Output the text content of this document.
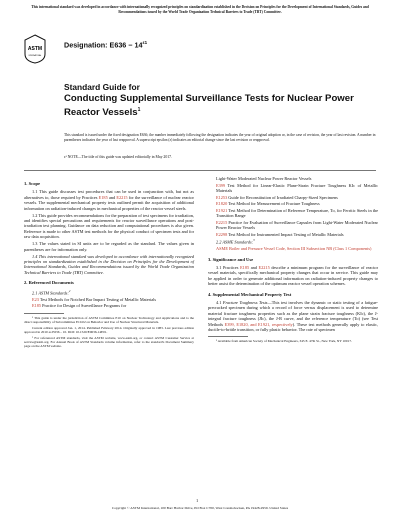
This international standard was developed in accordance with internationally recognized principles on standardization established in the Decision on Principles for the Development of International Standards, Guides and Recommendations issued by the World Trade Organization Technical Barriers to Trade (TBT) Committee.
ASTM
INTERNATIONAL
Designation: $E636 - 14^{\varepsilon 1}$
Standard Guide for
Conducting Supplemental Surveillance Tests for Nuclear Power Reactor Vessels$^1$
This standard is issued under the fixed designation E636; the number immediately following the designation indicates the year of original adoption or, in the case of revision, the year of last revision. A number in parentheses indicates the year of last reapproval. A superscript epsilon (ε) indicates an editorial change since the last revision or reapproval.
ε¹ NOTE—The title of this guide was updated editorially in May 2017.

1. Scope

1.1 This guide discusses test procedures that can be used in conjunction with, but not as alternatives to, those required by Practices E185 and E2215 for the surveillance of nuclear reactor vessels. The supplemental mechanical property tests outlined permit the acquisition of additional information on radiation-induced changes in mechanical properties of the reactor vessel steels.

1.2 This guide provides recommendations for the preparation of test specimens for irradiation, and identifies special precautions and requirements for reactor surveillance operations and post-irradiation test planning. Guidance on data reduction and computational procedures is also given. Reference is made to other ASTM test methods for the physical conduct of specimen tests and for raw data acquisition.

1.3 The values stated in SI units are to be regarded as the standard. The values given in parentheses are for information only.

1.4 This international standard was developed in accordance with internationally recognized principles on standardization established in the Decision on Principles for the Development of International Standards, Guides and Recommendations issued by the World Trade Organization Technical Barriers to Trade (TBT) Committee.

2. Referenced Documents

2.1 ASTM Standards:$^2$

E23 Test Methods for Notched Bar Impact Testing of Metallic Materials

E185 Practice for Design of Surveillance Programs for

¹ This guide is under the jurisdiction of ASTM Committee E10 on Nuclear Technology and Applications and is the direct responsibility of Subcommittee E10.02 on Behavior and Use of Nuclear Structural Materials.

Current edition approved Jan. 1, 2014. Published February 2014. Originally approved in 1983. Last previous edition approved in 2010 as E636 – 10. DOI: 10.1520/E0636-14E01.

² For referenced ASTM standards, visit the ASTM website, www.astm.org, or contact ASTM Customer Service at service@astm.org. For Annual Book of ASTM Standards volume information, refer to the standard's Document Summary page on the ASTM website.

Light-Water Moderated Nuclear Power Reactor Vessels

E399 Test Method for Linear-Elastic Plane-Strain Fracture Toughness KIc of Metallic Materials

E1253 Guide for Reconstitution of Irradiated Charpy-Sized Specimens

E1820 Test Method for Measurement of Fracture Toughness

E1921 Test Method for Determination of Reference Temperature, To, for Ferritic Steels in the Transition Range

E2215 Practice for Evaluation of Surveillance Capsules from Light-Water Moderated Nuclear Power Reactor Vessels

E2298 Test Method for Instrumented Impact Testing of Metallic Materials

2.2 ASME Standards:$^3$

ASME Boiler and Pressure Vessel Code, Section III Subsection NB (Class 1 Components)

3. Significance and Use

3.1 Practices E185 and E2215 describe a minimum program for the surveillance of reactor vessel materials, specifically mechanical property changes that occur in service. This guide may be applied in order to generate additional information on radiation-induced property changes to better assist the determination of the optimum reactor vessel operation schemes.

4. Supplemental Mechanical Property Test

4.1 Fracture Toughness Tests—This test involves the dynamic or static testing of a fatigue-precracked specimen during which a record of force versus displacement is used to determine material fracture toughness properties such as the plane strain fracture toughness (KIc), the J-integral fracture toughness (JIc), the J-R curve, and the reference temperature (To) (see Test Methods E399, E1820, and E1921, respectively). These test methods generally apply to elastic, ductile-to-brittle transition, or fully plastic behavior. The rate of specimen

³ Available from American Society of Mechanical Engineers, 345 E. 47th St., New York, NY 10017.

1
Copyright © ASTM International, 100 Barr Harbor Drive, PO Box C700, West Conshohocken, PA 19428-2959. United States
